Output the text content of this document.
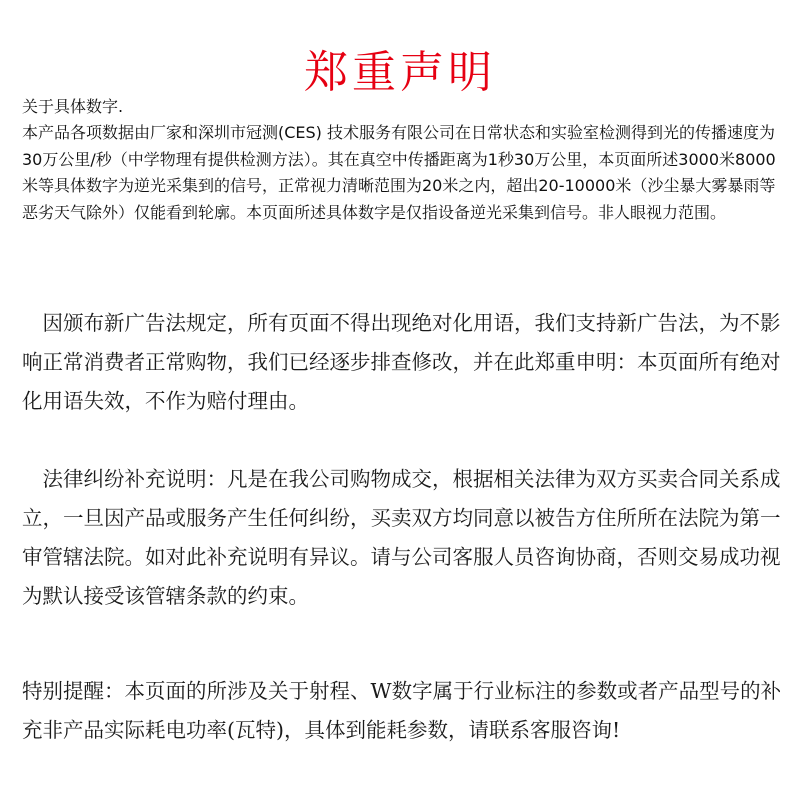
郑重声明

关于具体数字.

本产品各项数据由厂家和深圳市冠测(CES) 技术服务有限公司在日常状态和实验室检测得到光的传播速度为30万公里/秒（中学物理有提供检测方法）。其在真空中传播距离为1秒30万公里，本页面所述3000米8000米等具体数字为逆光采集到的信号，正常视力清晰范围为20米之内，超出20-10000米（沙尘暴大雾暴雨等恶劣天气除外）仅能看到轮廓。本页面所述具体数字是仅指设备逆光采集到信号。非人眼视力范围。

　因颁布新广告法规定，所有页面不得出现绝对化用语，我们支持新广告法，为不影响正常消费者正常购物，我们已经逐步排查修改，并在此郑重申明：本页面所有绝对化用语失效，不作为赔付理由。

　法律纠纷补充说明：凡是在我公司购物成交，根据相关法律为双方买卖合同关系成立，一旦因产品或服务产生任何纠纷，买卖双方均同意以被告方住所所在法院为第一审管辖法院。如对此补充说明有异议。请与公司客服人员咨询协商，否则交易成功视为默认接受该管辖条款的约束。

特别提醒：本页面的所涉及关于射程、W数字属于行业标注的参数或者产品型号的补充非产品实际耗电功率(瓦特)，具体到能耗参数，请联系客服咨询!
